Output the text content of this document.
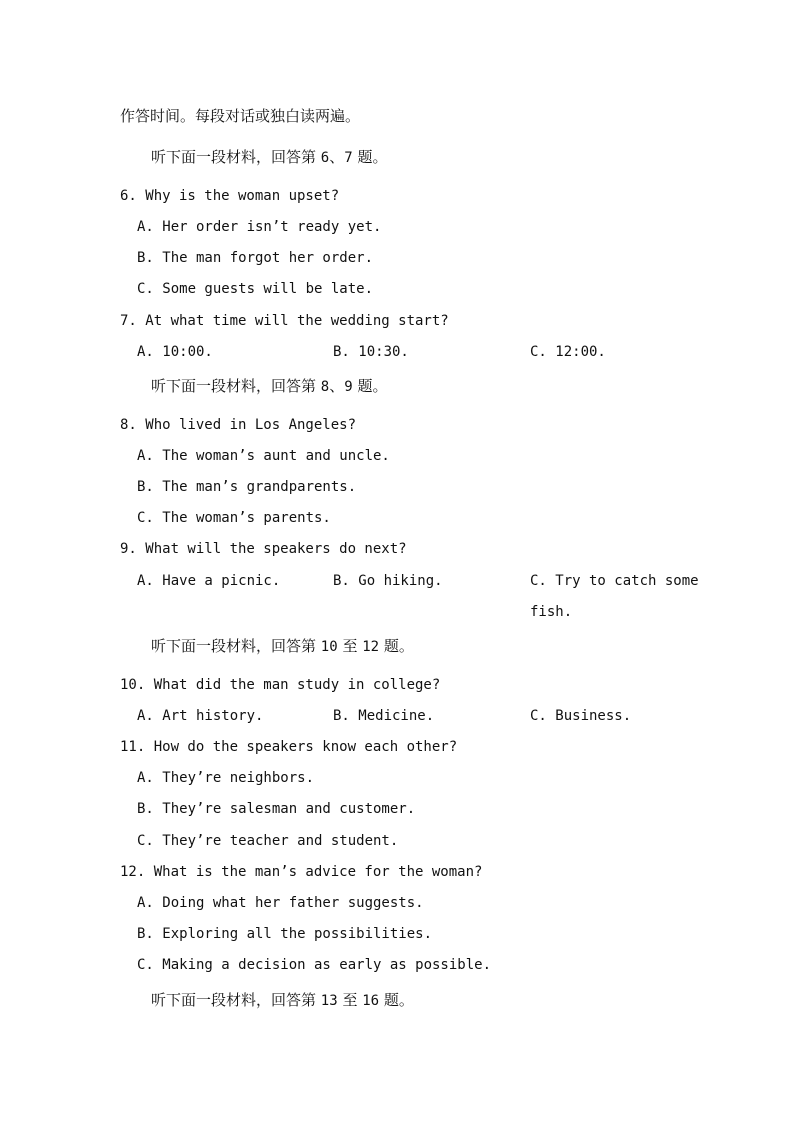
作答时间。每段对话或独白读两遍。
听下面一段材料，回答第 6、7 题。
6. Why is the woman upset?
A. Her order isn’t ready yet.
B. The man forgot her order.
C. Some guests will be late.
7. At what time will the wedding start?
A. 10:00.	B. 10:30.	C. 12:00.
听下面一段材料，回答第 8、9 题。
8. Who lived in Los Angeles?
A. The woman’s aunt and uncle.
B. The man’s grandparents.
C. The woman’s parents.
9. What will the speakers do next?
A. Have a picnic.	B. Go hiking.	C. Try to catch some
fish.
听下面一段材料，回答第 10 至 12 题。
10. What did the man study in college?
A. Art history.	B. Medicine.	C. Business.
11. How do the speakers know each other?
A. They’re neighbors.
B. They’re salesman and customer.
C. They’re teacher and student.
12. What is the man’s advice for the woman?
A. Doing what her father suggests.
B. Exploring all the possibilities.
C. Making a decision as early as possible.
听下面一段材料，回答第 13 至 16 题。
